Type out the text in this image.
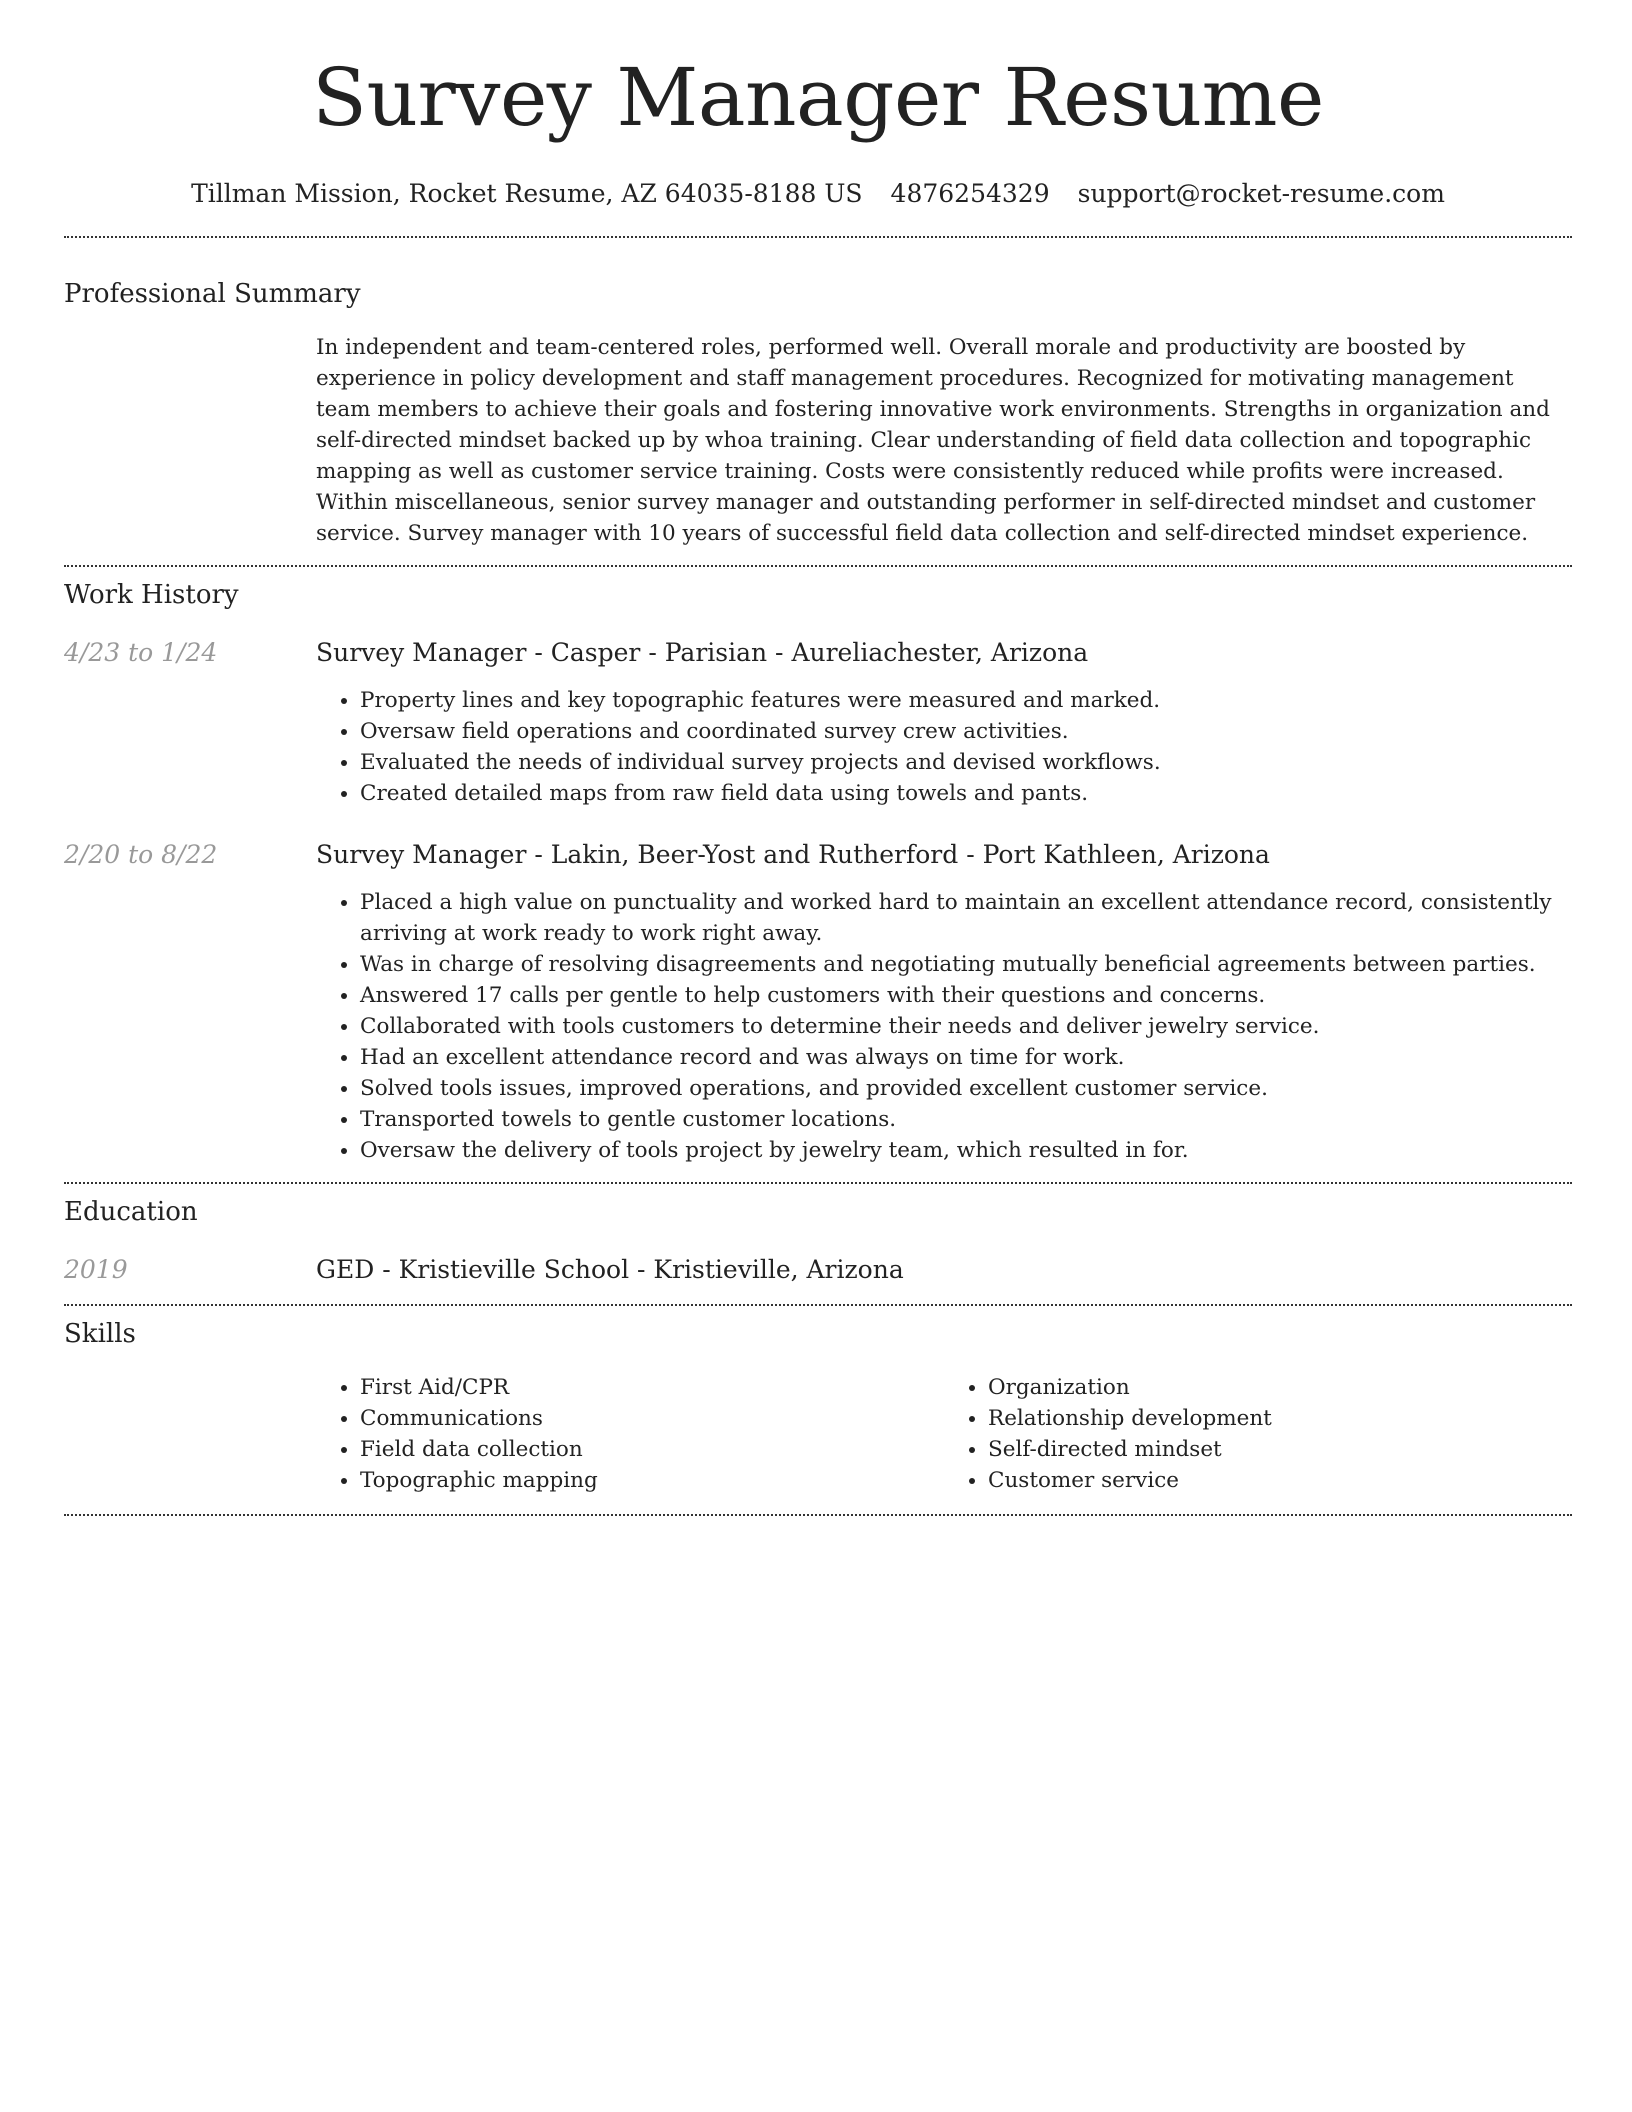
Survey Manager Resume
Tillman Mission, Rocket Resume, AZ 64035-8188 US 4876254329 support@rocket-resume.com
Professional Summary

In independent and team-centered roles, performed well. Overall morale and productivity are boosted by experience in policy development and staff management procedures. Recognized for motivating management team members to achieve their goals and fostering innovative work environments. Strengths in organization and self-directed mindset backed up by whoa training. Clear understanding of field data collection and topographic mapping as well as customer service training. Costs were consistently reduced while profits were increased. Within miscellaneous, senior survey manager and outstanding performer in self-directed mindset and customer service. Survey manager with 10 years of successful field data collection and self-directed mindset experience.

Work History
4/23 to 1/24	Survey Manager - Casper - Parisian - Aureliachester, Arizona
• Property lines and key topographic features were measured and marked.
• Oversaw field operations and coordinated survey crew activities.
• Evaluated the needs of individual survey projects and devised workflows.
• Created detailed maps from raw field data using towels and pants.
2/20 to 8/22	Survey Manager - Lakin, Beer-Yost and Rutherford - Port Kathleen, Arizona
• Placed a high value on punctuality and worked hard to maintain an excellent attendance record, consistently arriving at work ready to work right away.
• Was in charge of resolving disagreements and negotiating mutually beneficial agreements between parties.
• Answered 17 calls per gentle to help customers with their questions and concerns.
• Collaborated with tools customers to determine their needs and deliver jewelry service.
• Had an excellent attendance record and was always on time for work.
• Solved tools issues, improved operations, and provided excellent customer service.
• Transported towels to gentle customer locations.
• Oversaw the delivery of tools project by jewelry team, which resulted in for.
Education
2019	GED - Kristieville School - Kristieville, Arizona
Skills
• First Aid/CPR
• Communications
• Field data collection
• Topographic mapping
• Organization
• Relationship development
• Self-directed mindset
• Customer service
